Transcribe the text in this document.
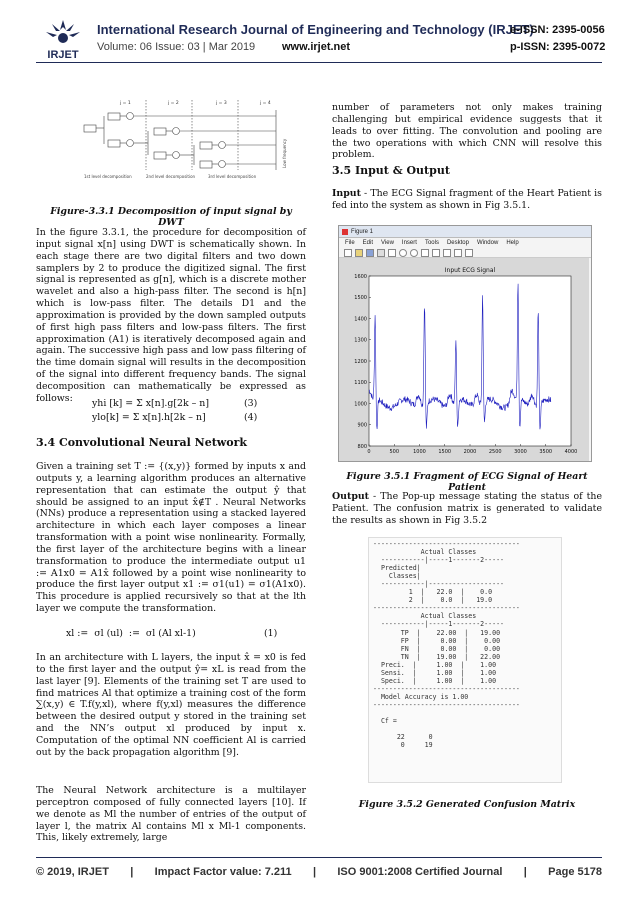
IRJET
International Research Journal of Engineering and Technology (IRJET)
e-ISSN: 2395-0056
Volume: 06 Issue: 03 | Mar 2019 www.irjet.net	p-ISSN: 2395-0072
j = 1	j = 2	j = 3	j = 4
1st level decomposition	2nd level decomposition	3rd level decomposition
Low frequency
Figure-3.3.1 Decomposition of input signal by DWT

In the figure 3.3.1, the procedure for decomposition of input signal x[n] using DWT is schematically shown. In each stage there are two digital filters and two down samplers by 2 to produce the digitized signal. The first signal is represented as g[n], which is a discrete mother wavelet and also a high-pass filter. The second is h[n] which is low-pass filter. The details D1 and the approximation is provided by the down sampled outputs of first high pass filters and low-pass filters. The first approximation (A1) is iteratively decomposed again and again. The successive high pass and low pass filtering of the time domain signal will results in the decomposition of the signal into different frequency bands. The signal decomposition can mathematically be expressed as follows:	yhi [k] = Σ x[n].g[2k – n]	(3)
ylo[k] = Σ x[n].h[2k – n]	(4)
3.4 Convolutional Neural Network

Given a training set T := {(x,y)} formed by inputs x and outputs y, a learning algorithm produces an alternative representation that can estimate the output ŷ that should be assigned to an input x̂∉T . Neural Networks (NNs) produce a representation using a stacked layered architecture in which each layer composes a linear transformation with a point wise nonlinearity. Formally, the first layer of the architecture begins with a linear transformation to produce the intermediate output u1 := A1x0 = A1x̂ followed by a point wise nonlinearity to produce the first layer output x1 := σ1(u1) = σ1(A1x0). This procedure is applied recursively so that at the lth layer we compute the transformation.

xl :=  σl (ul)  :=  σl (Al xl-1)	(1)

In an architecture with L layers, the input x̂ = x0 is fed to the first layer and the output ŷ= xL is read from the last layer [9]. Elements of the training set T are used to find matrices Al that optimize a training cost of the form ∑(x,y) ∈ T.f(y,xl), where f(y,xl) measures the difference between the desired output y stored in the training set and the NN’s output xl produced by input x. Computation of the optimal NN coefficient Al is carried out by the back propagation algorithm [9].

The Neural Network architecture is a multilayer perceptron composed of fully connected layers [10]. If we denote as Ml the number of entries of the output of layer l, the matrix Al contains Ml x Ml-1 components. This, likely extremely, large

number of parameters not only makes training challenging but empirical evidence suggests that it leads to over fitting. The convolution and pooling are the two operations with which CNN will resolve this problem.

3.5 Input & Output

Input - The ECG Signal fragment of the Heart Patient is fed into the system as shown in Fig 3.5.1.

Figure 1
File Edit View Insert Tools Desktop Window Help
Input ECG Signal
0	500	1000	1500	2000	2500	3000	3500	4000
800
900
1000
1100
1200
1300
1400
1500
1600
Figure 3.5.1 Fragment of ECG Signal of Heart Patient

Output - The Pop-up message stating the status of the Patient. The confusion matrix is generated to validate the results as shown in Fig 3.5.2

-------------------------------------
Actual Classes
-----------|-----1-------2-----
Predicted|
Classes|
-----------|-------------------
1  |   22.0  |    0.0
2  |    0.0  |   19.0
-------------------------------------
Actual Classes
-----------|-----1-------2-----
TP  |    22.00  |   19.00
FP  |     0.00  |    0.00
FN  |     0.00  |    0.00
TN  |    19.00  |   22.00
Preci.  |     1.00  |    1.00
Sensi.  |     1.00  |    1.00
Speci.  |     1.00  |    1.00
-------------------------------------
Model Accuracy is 1.00
-------------------------------------

Cf =

22      0
0     19
Figure 3.5.2 Generated Confusion Matrix
© 2019, IRJET | Impact Factor value: 7.211 | ISO 9001:2008 Certified Journal | Page 5178
